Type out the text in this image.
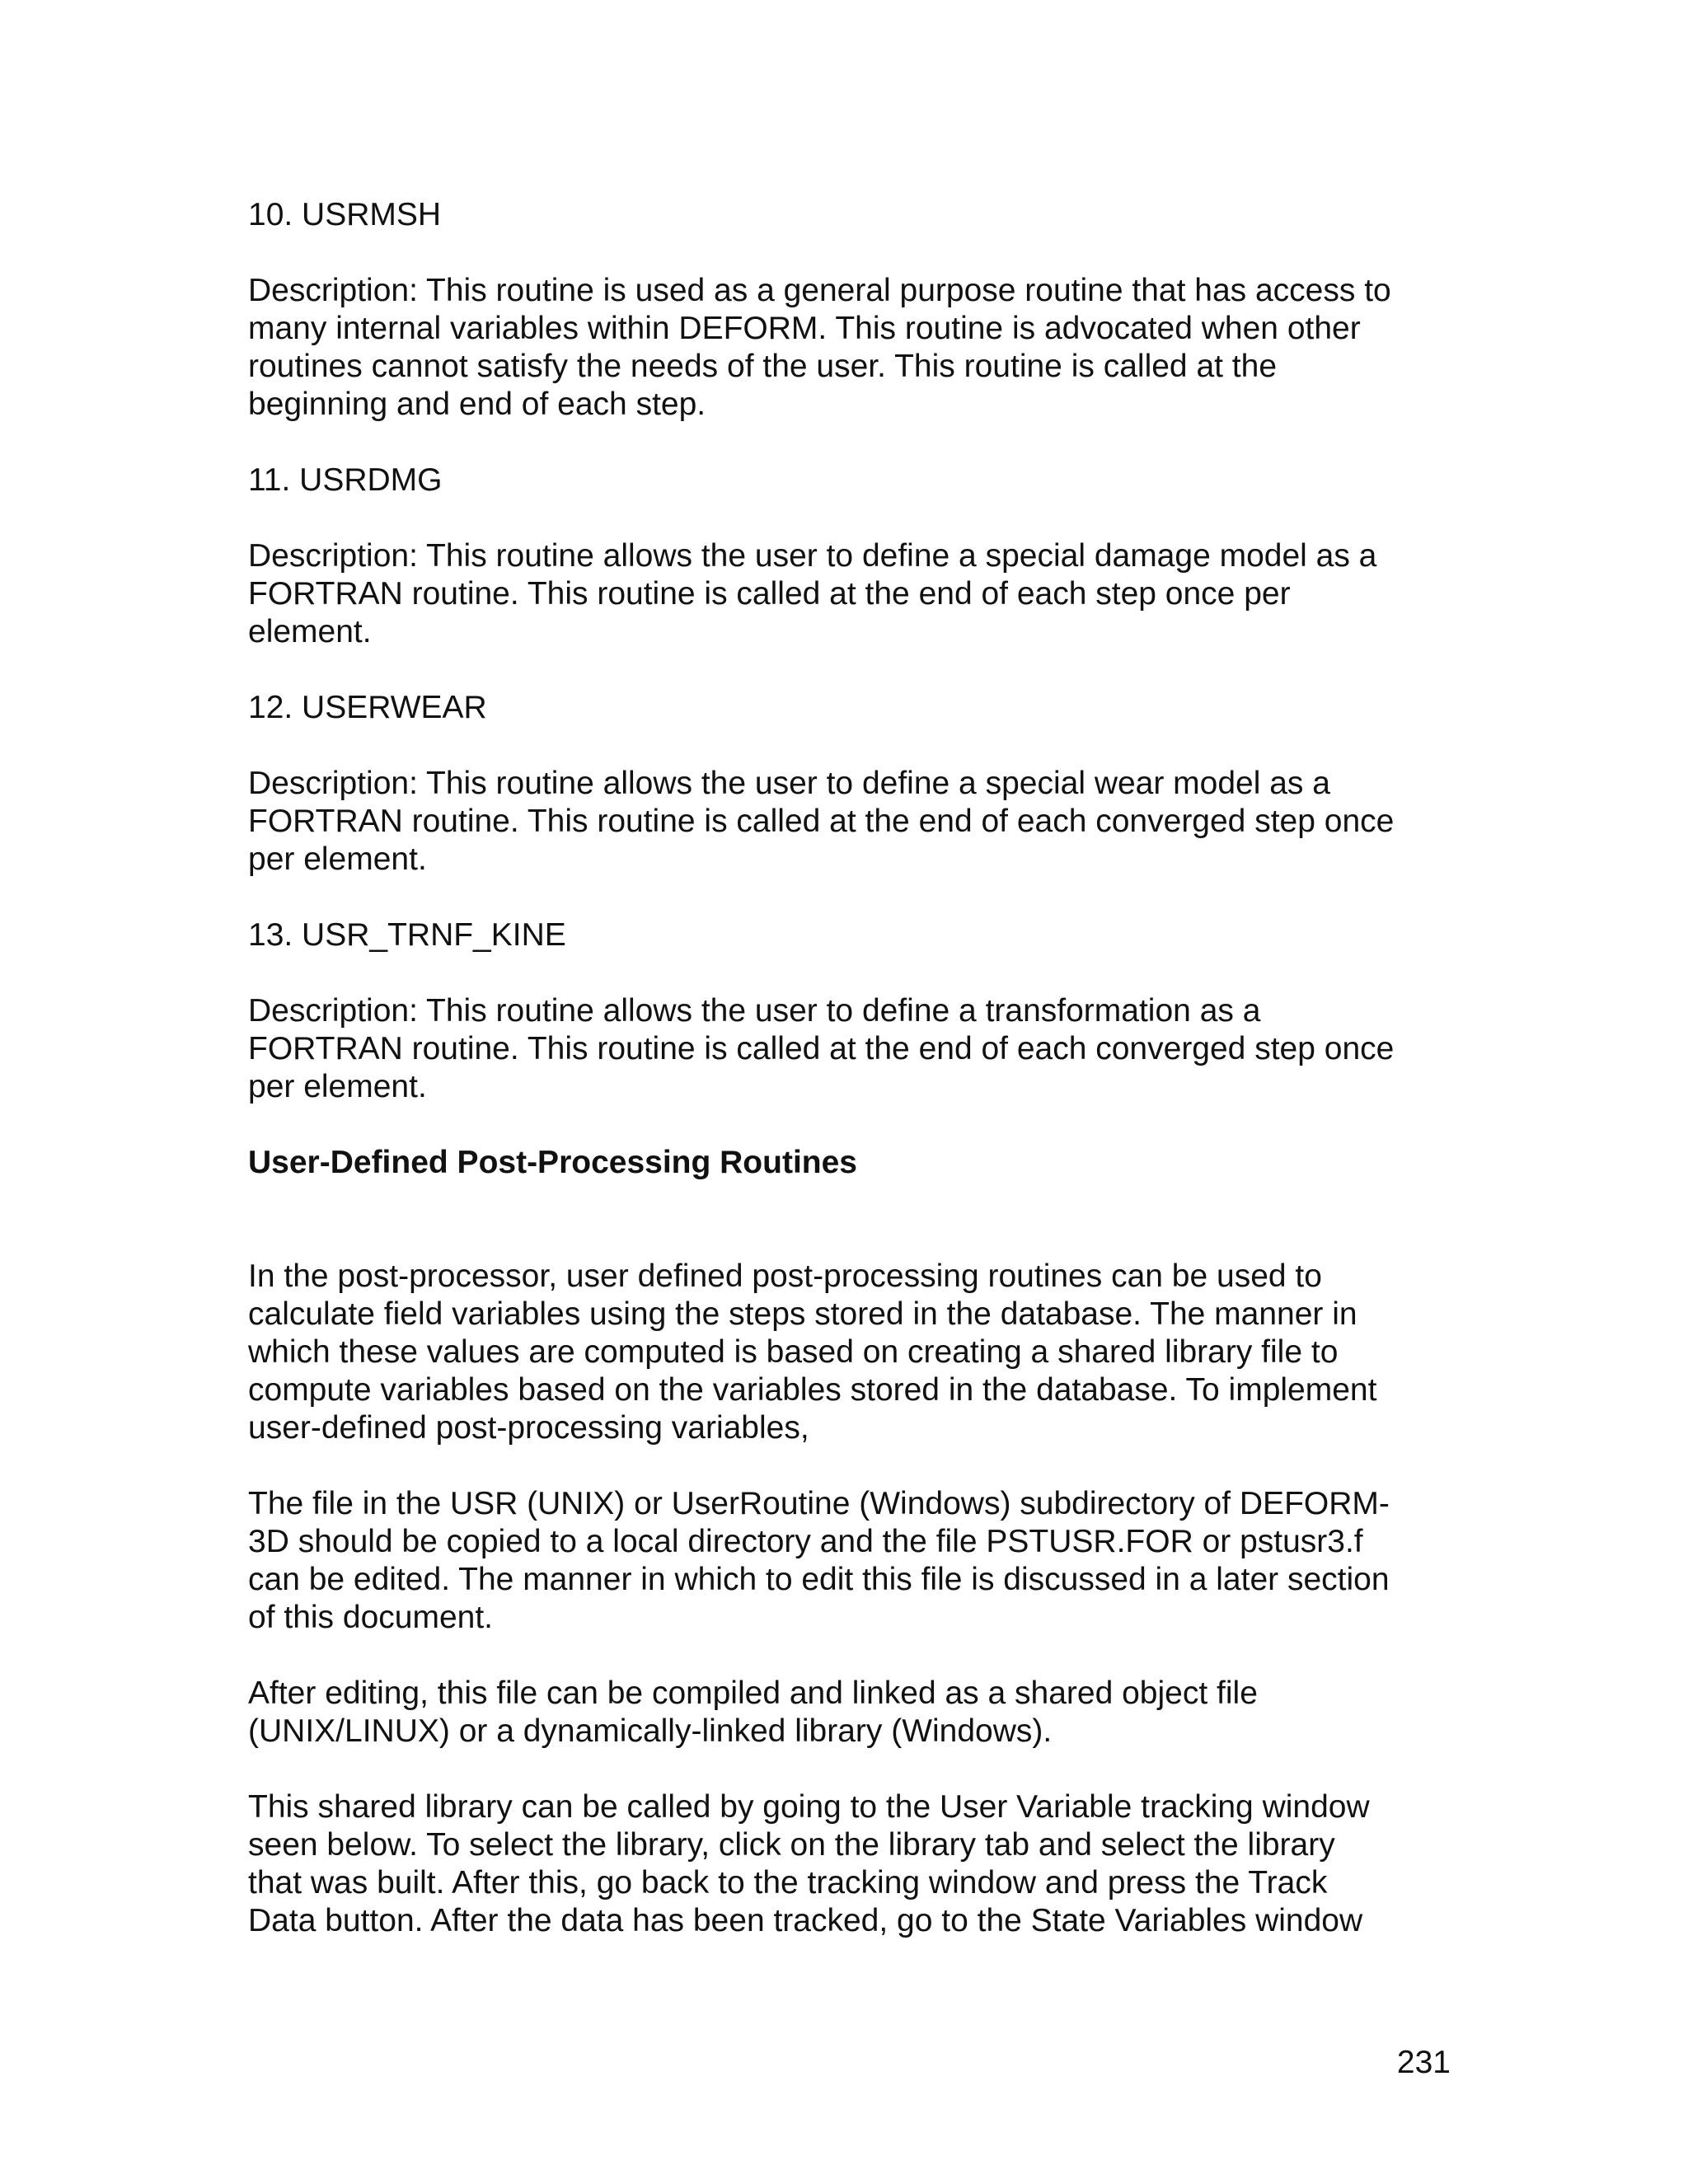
10. USRMSH

Description: This routine is used as a general purpose routine that has access to
many internal variables within DEFORM. This routine is advocated when other
routines cannot satisfy the needs of the user. This routine is called at the
beginning and end of each step.

11. USRDMG

Description: This routine allows the user to define a special damage model as a
FORTRAN routine. This routine is called at the end of each step once per
element.

12. USERWEAR

Description: This routine allows the user to define a special wear model as a
FORTRAN routine. This routine is called at the end of each converged step once
per element.

13. USR_TRNF_KINE

Description: This routine allows the user to define a transformation as a
FORTRAN routine. This routine is called at the end of each converged step once
per element.

User-Defined Post-Processing Routines

In the post-processor, user defined post-processing routines can be used to
calculate field variables using the steps stored in the database. The manner in
which these values are computed is based on creating a shared library file to
compute variables based on the variables stored in the database. To implement
user-defined post-processing variables,

The file in the USR (UNIX) or UserRoutine (Windows) subdirectory of DEFORM-
3D should be copied to a local directory and the file PSTUSR.FOR or pstusr3.f
can be edited. The manner in which to edit this file is discussed in a later section
of this document.

After editing, this file can be compiled and linked as a shared object file
(UNIX/LINUX) or a dynamically-linked library (Windows).

This shared library can be called by going to the User Variable tracking window
seen below. To select the library, click on the library tab and select the library
that was built. After this, go back to the tracking window and press the Track
Data button. After the data has been tracked, go to the State Variables window

231
